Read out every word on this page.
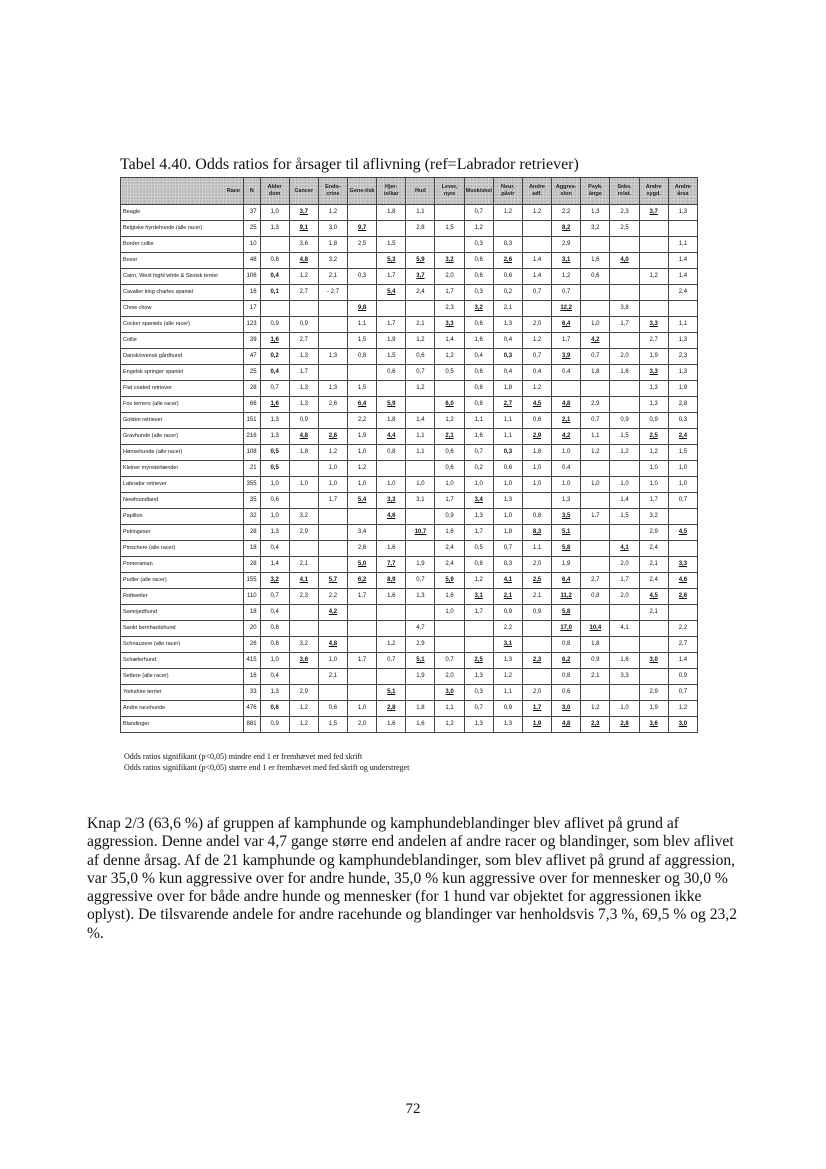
Tabel 4.40. Odds ratios for årsager til aflivning (ref=Labrador retriever)
Race	N	Alder dom	Cancer	Endo-crine	Gene-tisk	Hjer-te/kar	Hud	Lever, nyre	Musk/skel	Neur. påvir	Andre adf.	Aggres-sion	Psyk. ånge	Seks. relat.	Andre sygd.	Andre årsa
Beagle	37	1,0	3,7	1,2		1,8	1,1		0,7	1,2	1,2	2,2	1,3	2,3	3,7	1,3
Belgiske hyrdehunde (alle racer)	25	1,3	9,1	3,0	9,7		2,8	1,5	1,2			8,2	3,2	2,5		
Border collie	10		3,6	1,8	2,5	1,5			0,3	0,3		2,9				1,1
Boxer	48	0,8	4,8	3,2		5,3	5,9	3,2	0,6	2,6	1,4	3,1	1,6	4,0		1,4
Cairn, West highl white & Skotsk terrier	106	0,4	1,2	2,1	0,3	1,7	3,7	2,0	0,6	0,6	1,4	1,2	0,6		1,2	1,4
Cavalier king charles spaniel	16	0,1	2,7	- 2,7		5,4	2,4	1,7	0,3	0,2	0,7	0,7				2,4
Chow chow	17				9,8			2,3	3,2	2,1		12,2		3,8		
Cocker spaniels (alle racer)	123	0,9	0,9		1,1	1,7	2,1	3,3	0,6	1,3	2,0	6,4	1,0	1,7	3,3	1,1
Collie	39	1,6	2,7		1,5	1,9	1,2	1,4	1,6	0,4	1,2	1,7	4,2		2,7	1,3
Dansk/svensk gårdhund	47	0,2	1,3	1,3	0,8	1,5	0,6	1,2	0,4	0,3	0,7	3,9	0,7	2,0	1,9	2,3
Engelsk springer spaniel	25	0,4	1,7			0,6	0,7	0,5	0,6	0,4	0,4	0,4	1,8	1,6	3,3	1,3
Flat coated retriever	28	0,7	1,3	1,3	1,5		1,2		0,8	1,8	1,2				1,3	1,9
Fox terriers (alle racer)	66	1,6	1,3	2,6	6,4	5,9		6,0	0,8	2,7	4,5	4,8	2,9		1,3	2,8
Golden retriever	151	1,3	0,9		2,2	1,8	1,4	1,2	1,1	1,1	0,6	2,1	0,7	0,9	0,9	0,3
Gravhunde (alle racer)	216	1,3	4,8	2,6	1,9	4,4	1,1	2,1	1,6	1,1	2,9	4,2	1,1	1,5	2,5	2,4
Hønsehunde (alle racer)	108	0,5	1,8	1,2	1,0	0,8	1,1	0,6	0,7	0,3	1,8	1,0	1,2	1,2	1,2	1,5
Kleiner mynsterlænder	21	0,5		1,0	1,2			0,6	0,2	0,6	1,0	0,4			1,0	1,0
Labrador retriever	355	1,0	1,0	1,0	1,0	1,0	1,0	1,0	1,0	1,0	1,0	1,0	1,0	1,0	1,0	1,0
Newfoundland	35	0,6		1,7	5,4	3,3	3,1	1,7	3,4	1,3		1,3		1,4	1,7	0,7
Papillon	32	1,0	3,2			4,6		0,9	1,3	1,0	0,8	3,5	1,7	1,5	3,2	
Pekingeser	28	1,3	2,9		3,4		10,7	1,6	1,7	1,8	8,3	5,1			2,9	4,5
Pinschere (alle racer)	18	0,4			2,6	1,6		2,4	0,5	0,7	1,1	5,8		4,1	2,4	
Pomeranian	28	1,4	2,1		5,0	7,7	1,9	2,4	0,8	0,3	2,0	1,9		2,0	2,1	3,3
Pudler (alle racer)	155	3,2	4,1	5,7	6,2	8,9	0,7	5,9	1,2	4,1	2,5	6,4	2,7	1,7	2,4	4,6
Rottweiler	110	0,7	2,3	2,2	1,7	1,6	1,3	1,6	3,1	2,1	2,1	11,2	0,8	2,0	4,5	2,6
Samojedhund	18	0,4		4,2				1,0	1,7	0,9	0,9	5,8			2,1	
Sankt bernhardshund	20	0,8					4,7			2,2		17,0	10,4	4,1		2,2
Schnauzere (alle racer)	26	0,8	3,2	4,8		1,2	2,9			3,1		0,8	1,8			2,7
Schæferhund	415	1,0	3,6	1,0	1,7	0,7	5,1	0,7	2,5	1,3	2,3	6,2	0,9	1,6	3,0	1,4
Settere (alle racer)	16	0,4		2,1			1,9	2,0	1,3	1,2		0,8	2,1	3,3		0,9
Yorkshire terrier	33	1,3	2,9			5,1		3,0	0,3	1,1	2,0	0,6			2,9	0,7
Andre racehunde	476	0,6	1,2	0,6	1,0	2,8	1,8	1,1	0,7	0,9	1,7	3,0	1,2	1,0	1,9	1,2
Blandinger	881	0,9	1,2	1,5	2,0	1,6	1,6	1,2	1,3	1,3	1,9	4,8	2,3	2,8	3,6	3,0
Odds ratios signifikant (p<0,05) mindre end 1 er fremhævet med fed skrift
Odds ratios signifikant (p<0,05) større end 1 er fremhævet med fed skrift og understreget

Knap 2/3 (63,6 %) af gruppen af kamphunde og kamphundeblandinger blev aflivet på grund af aggression. Denne andel var 4,7 gange større end andelen af andre racer og blandinger, som blev aflivet af denne årsag. Af de 21 kamphunde og kamphundeblandinger, som blev aflivet på grund af aggression, var 35,0 % kun aggressive over for andre hunde, 35,0 % kun aggressive over for mennesker og 30,0 % aggressive over for både andre hunde og mennesker (for 1 hund var objektet for aggressionen ikke oplyst). De tilsvarende andele for andre racehunde og blandinger var henholdsvis 7,3 %, 69,5 % og 23,2 %.

72
